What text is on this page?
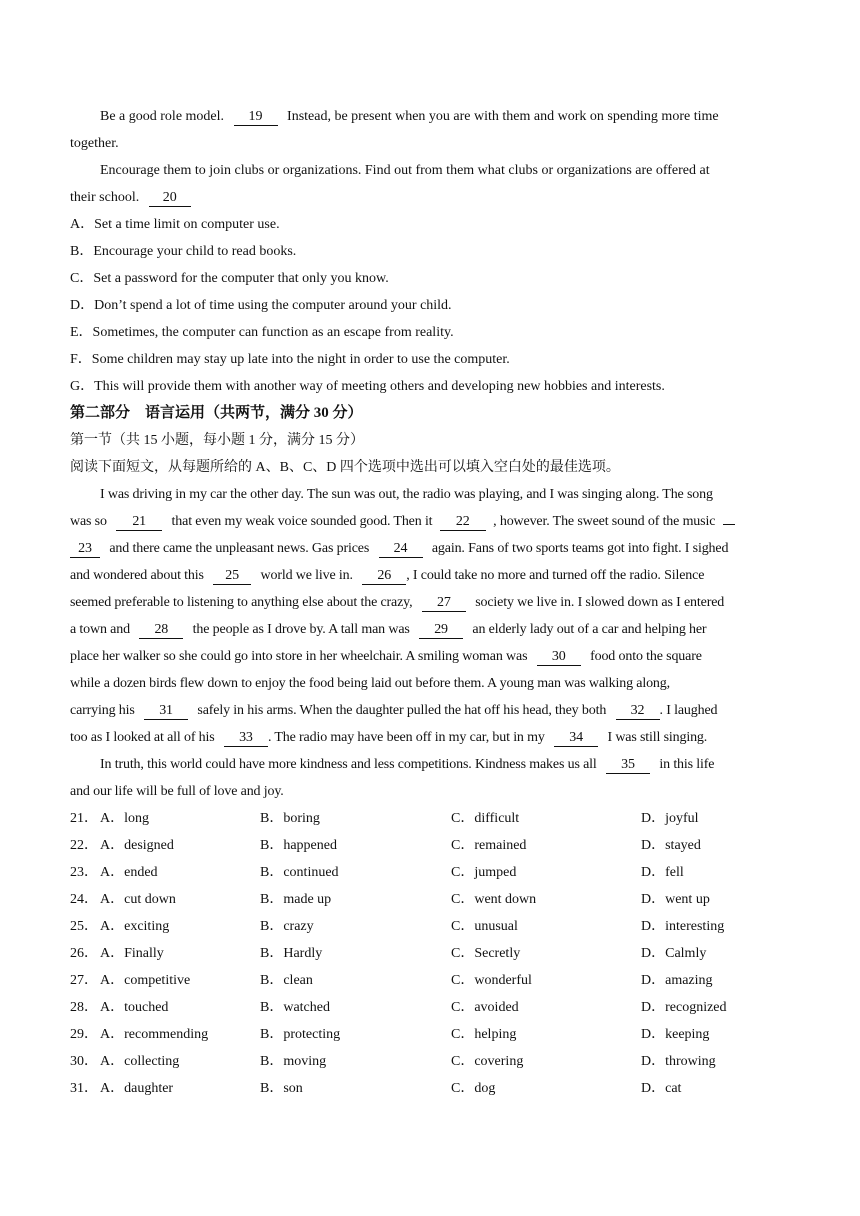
Be a good role model. 19 Instead, be present when you are with them and work on spending more time
together.
Encourage them to join clubs or organizations. Find out from them what clubs or organizations are offered at
their school. 20
A．Set a time limit on computer use.
B．Encourage your child to read books.
C．Set a password for the computer that only you know.
D．Don’t spend a lot of time using the computer around your child.
E．Sometimes, the computer can function as an escape from reality.
F．Some children may stay up late into the night in order to use the computer.
G．This will provide them with another way of meeting others and developing new hobbies and interests.
第二部分　语言运用（共两节，满分 30 分）
第一节（共 15 小题，每小题 1 分，满分 15 分）
阅读下面短文，从每题所给的 A、B、C、D 四个选项中选出可以填入空白处的最佳选项。
I was driving in my car the other day. The sun was out, the radio was playing, and I was singing along. The song
was so 21 that even my weak voice sounded good. Then it 22 , however. The sweet sound of the music
23 and there came the unpleasant news. Gas prices 24 again. Fans of two sports teams got into fight. I sighed
and wondered about this 25 world we live in. 26 , I could take no more and turned off the radio. Silence
seemed preferable to listening to anything else about the crazy, 27 society we live in. I slowed down as I entered
a town and 28 the people as I drove by. A tall man was 29 an elderly lady out of a car and helping her
place her walker so she could go into store in her wheelchair. A smiling woman was 30 food onto the square
while a dozen birds flew down to enjoy the food being laid out before them. A young man was walking along,
carrying his 31 safely in his arms. When the daughter pulled the hat off his head, they both 32 . I laughed
too as I looked at all of his 33 . The radio may have been off in my car, but in my 34 I was still singing.
In truth, this world could have more kindness and less competitions. Kindness makes us all 35 in this life
and our life will be full of love and joy.
21． A．long	B．boring	C．difficult	D．joyful
22． A．designed	B．happened	C．remained	D．stayed
23． A．ended	B．continued	C．jumped	D．fell
24． A．cut down	B．made up	C．went down	D．went up
25． A．exciting	B．crazy	C．unusual	D．interesting
26． A．Finally	B．Hardly	C．Secretly	D．Calmly
27． A．competitive	B．clean	C．wonderful	D．amazing
28． A．touched	B．watched	C．avoided	D．recognized
29． A．recommending	B．protecting	C．helping	D．keeping
30． A．collecting	B．moving	C．covering	D．throwing
31． A．daughter	B．son	C．dog	D．cat
